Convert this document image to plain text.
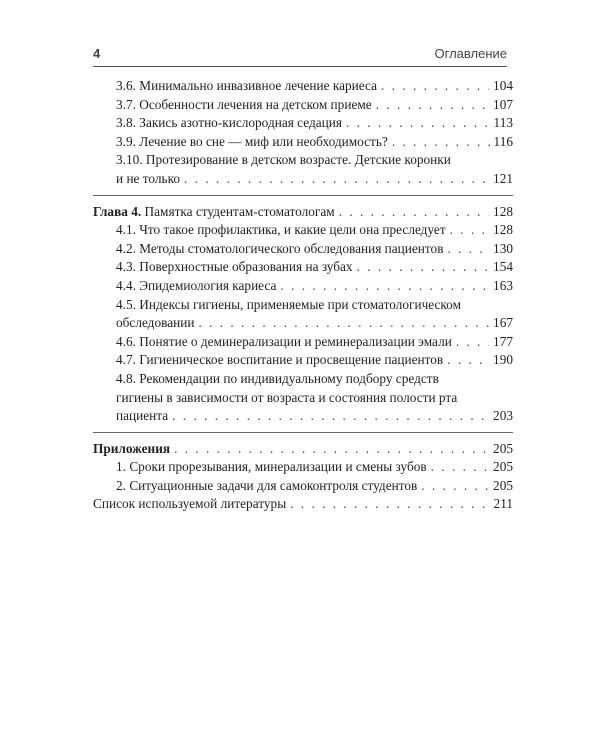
4	Оглавление
3.6. Минимально инвазивное лечение кариеса . . .	104
3.7. Особенности лечения на детском приеме . . .	107
3.8. Закись азотно-кислородная седация . . .	113
3.9. Лечение во сне — миф или необходимость? . . .	116
3.10. Протезирование в детском возрасте. Детские коронки
и не только . . .	121
Глава 4. Памятка студентам-стоматологам . . .	128
4.1. Что такое профилактика, и какие цели она преследует . . .	128
4.2. Методы стоматологического обследования пациентов . . .	130
4.3. Поверхностные образования на зубах . . .	154
4.4. Эпидемиология кариеса . . .	163
4.5. Индексы гигиены, применяемые при стоматологическом
обследовании . . .	167
4.6. Понятие о деминерализации и реминерализации эмали . . .	177
4.7. Гигиеническое воспитание и просвещение пациентов . . .	190
4.8. Рекомендации по индивидуальному подбору средств
гигиены в зависимости от возраста и состояния полости рта
пациента . . .	203
Приложения . . .	205
1. Сроки прорезывания, минерализации и смены зубов . . .	205
2. Ситуационные задачи для самоконтроля студентов . . .	205
Список используемой литературы . . .	211
